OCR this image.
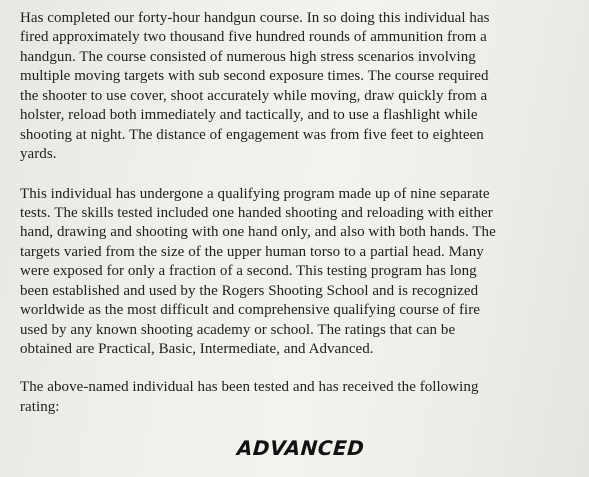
Has completed our forty-hour handgun course. In so doing this individual has
fired approximately two thousand five hundred rounds of ammunition from a
handgun. The course consisted of numerous high stress scenarios involving
multiple moving targets with sub second exposure times. The course required
the shooter to use cover, shoot accurately while moving, draw quickly from a
holster, reload both immediately and tactically, and to use a flashlight while
shooting at night. The distance of engagement was from five feet to eighteen
yards.
This individual has undergone a qualifying program made up of nine separate
tests. The skills tested included one handed shooting and reloading with either
hand, drawing and shooting with one hand only, and also with both hands. The
targets varied from the size of the upper human torso to a partial head. Many
were exposed for only a fraction of a second. This testing program has long
been established and used by the Rogers Shooting School and is recognized
worldwide as the most difficult and comprehensive qualifying course of fire
used by any known shooting academy or school. The ratings that can be
obtained are Practical, Basic, Intermediate, and Advanced.
The above-named individual has been tested and has received the following
rating:
ADVANCED
